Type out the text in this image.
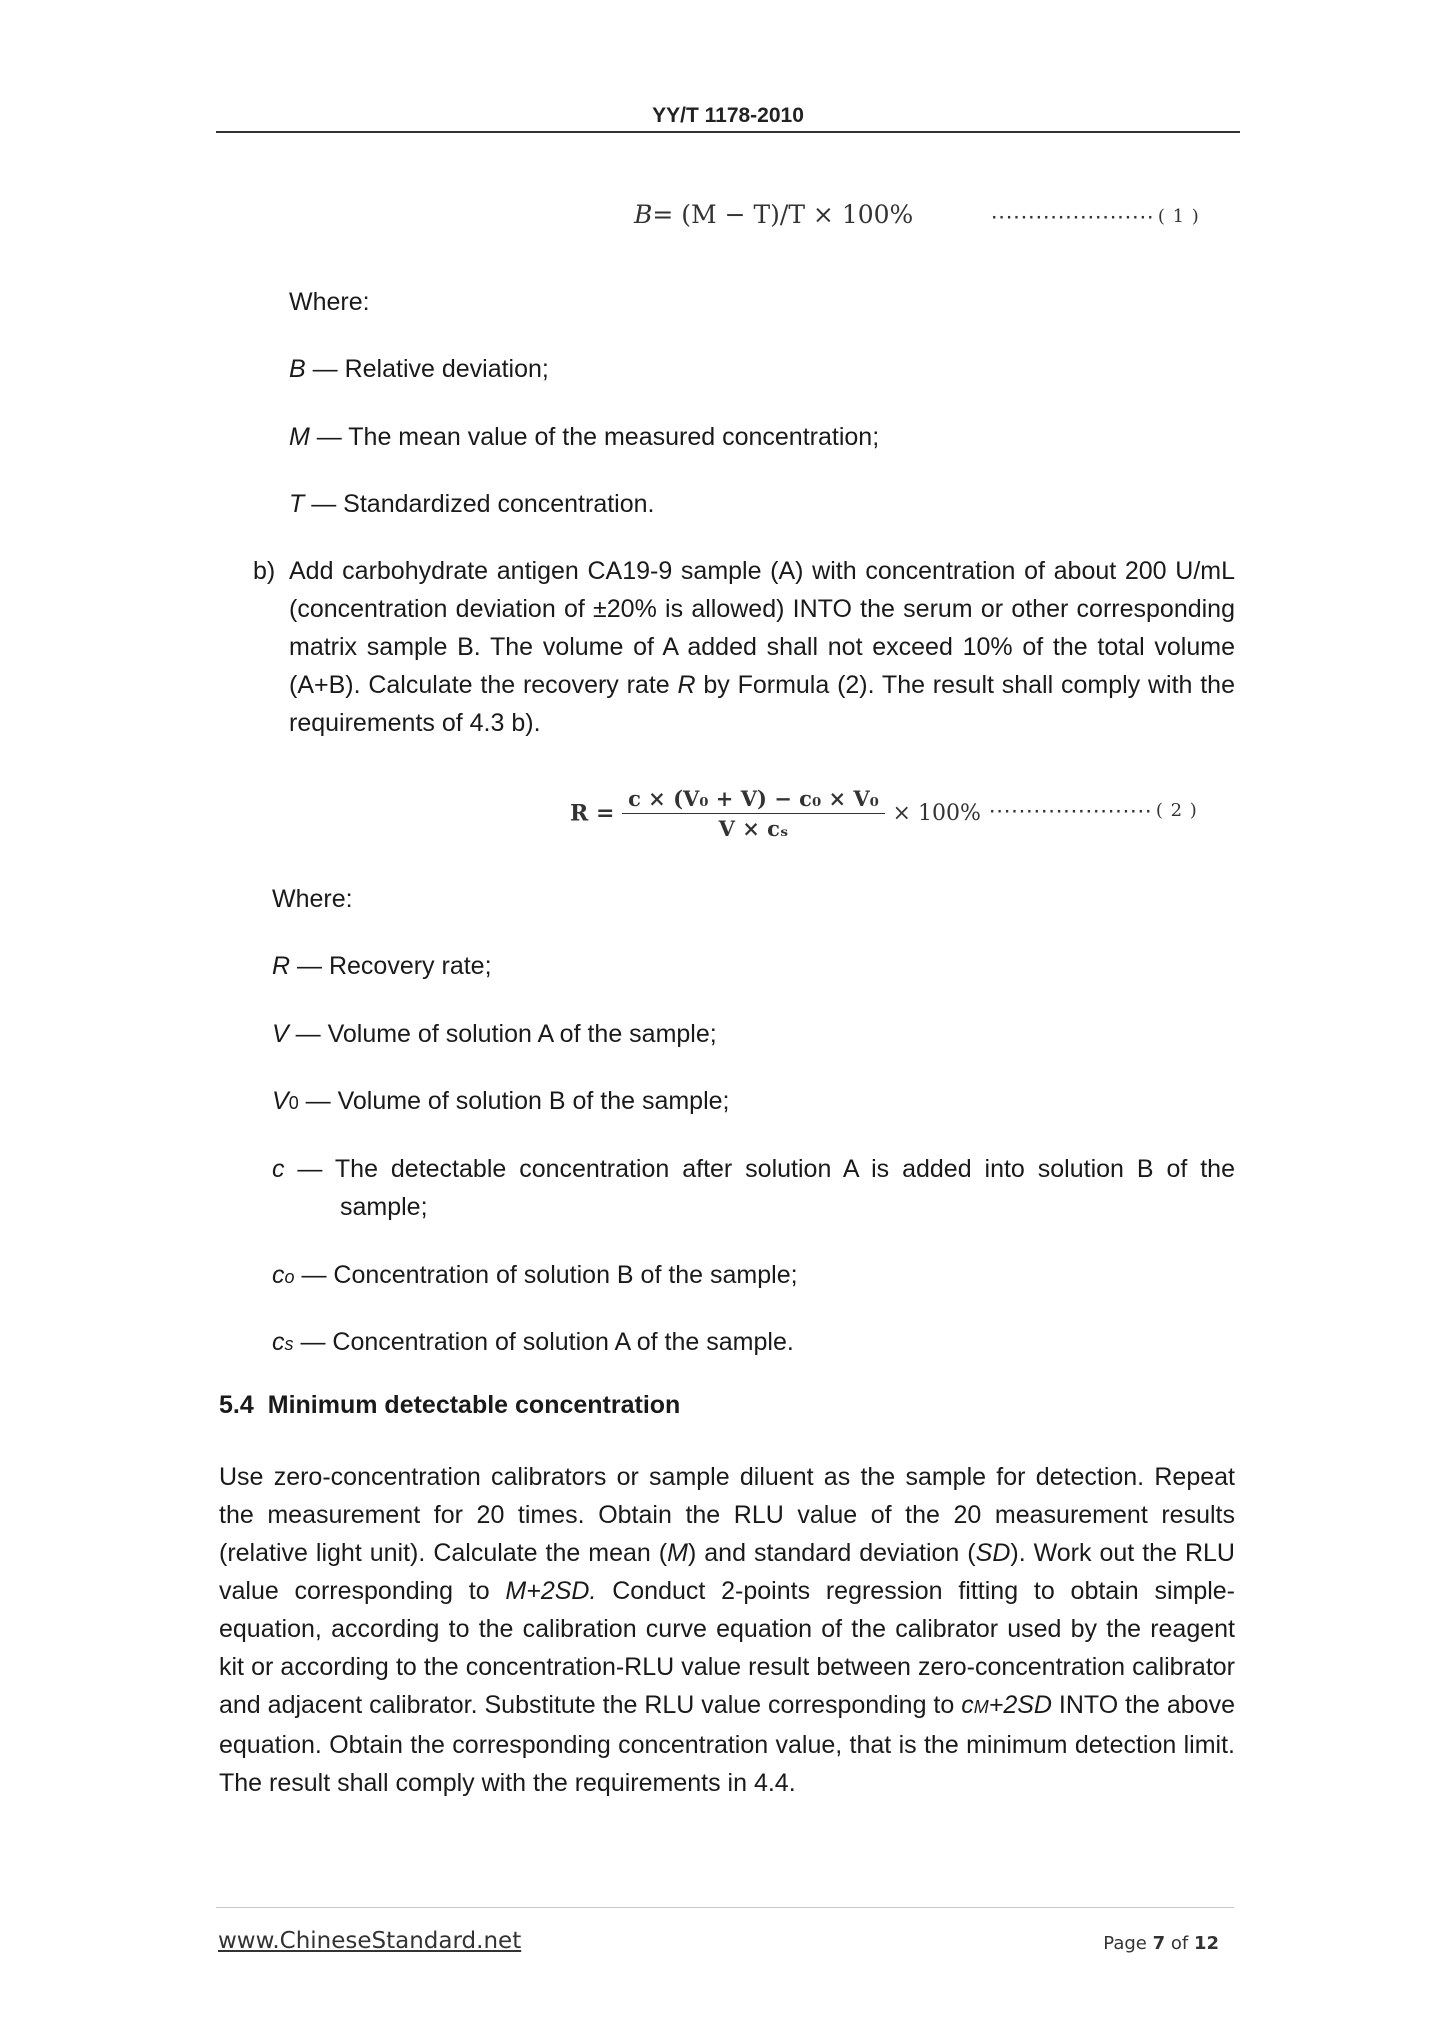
YY/T 1178-2010
B= (M − T)/T × 100%	······················ ( 1 )
Where:
B — Relative deviation;
M — The mean value of the measured concentration;
T — Standardized concentration.
b) Add carbohydrate antigen CA19-9 sample (A) with concentration of about 200 U/mL (concentration deviation of ±20% is allowed) INTO the serum or other corresponding matrix sample B. The volume of A added shall not exceed 10% of the total volume (A+B). Calculate the recovery rate R by Formula (2). The result shall comply with the requirements of 4.3 b).
$R = \frac{\text{c × (V₀ + V) − c₀ × V₀}}{\text{V × cₛ}} \times 100\%$ ······················ ( 2 )
Where:
R — Recovery rate;
V — Volume of solution A of the sample;
V0 — Volume of solution B of the sample;
c — The detectable concentration after solution A is added into solution B of the
sample;
co — Concentration of solution B of the sample;
cs — Concentration of solution A of the sample.
5.4 Minimum detectable concentration
Use zero-concentration calibrators or sample diluent as the sample for detection. Repeat the measurement for 20 times. Obtain the RLU value of the 20 measurement results (relative light unit). Calculate the mean (M) and standard deviation (SD). Work out the RLU value corresponding to M+2SD. Conduct 2-points regression fitting to obtain simple-equation, according to the calibration curve equation of the calibrator used by the reagent kit or according to the concentration-RLU value result between zero-concentration calibrator and adjacent calibrator. Substitute the RLU value corresponding to cM+2SD INTO the above equation. Obtain the corresponding concentration value, that is the minimum detection limit. The result shall comply with the requirements in 4.4.
www.ChineseStandard.net	Page 7 of 12
